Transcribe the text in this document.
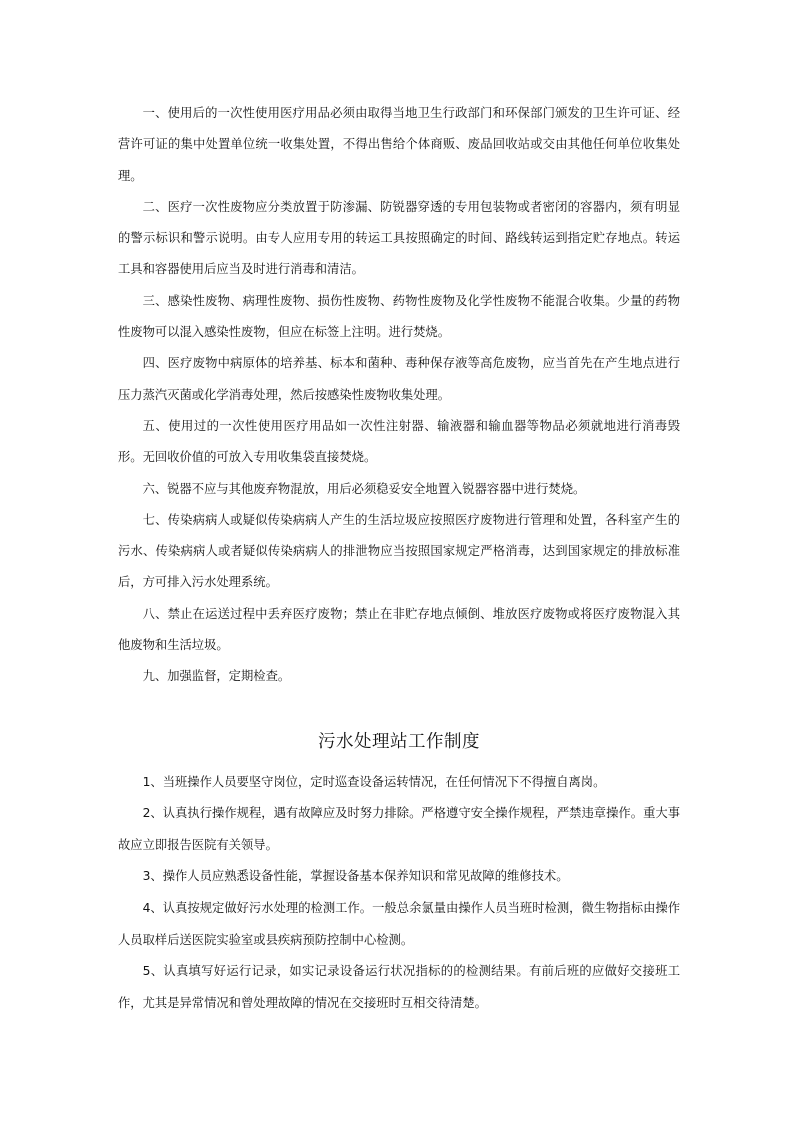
一、使用后的一次性使用医疗用品必须由取得当地卫生行政部门和环保部门颁发的卫生许可证、经营许可证的集中处置单位统一收集处置，不得出售给个体商贩、废品回收站或交由其他任何单位收集处理。

二、医疗一次性废物应分类放置于防渗漏、防锐器穿透的专用包装物或者密闭的容器内，须有明显的警示标识和警示说明。由专人应用专用的转运工具按照确定的时间、路线转运到指定贮存地点。转运工具和容器使用后应当及时进行消毒和清洁。

三、感染性废物、病理性废物、损伤性废物、药物性废物及化学性废物不能混合收集。少量的药物性废物可以混入感染性废物，但应在标签上注明。进行焚烧。

四、医疗废物中病原体的培养基、标本和菌种、毒种保存液等高危废物，应当首先在产生地点进行压力蒸汽灭菌或化学消毒处理，然后按感染性废物收集处理。

五、使用过的一次性使用医疗用品如一次性注射器、输液器和输血器等物品必须就地进行消毒毁形。无回收价值的可放入专用收集袋直接焚烧。

六、锐器不应与其他废弃物混放，用后必须稳妥安全地置入锐器容器中进行焚烧。

七、传染病病人或疑似传染病病人产生的生活垃圾应按照医疗废物进行管理和处置，各科室产生的污水、传染病病人或者疑似传染病病人的排泄物应当按照国家规定严格消毒，达到国家规定的排放标准后，方可排入污水处理系统。

八、禁止在运送过程中丢弃医疗废物；禁止在非贮存地点倾倒、堆放医疗废物或将医疗废物混入其他废物和生活垃圾。

九、加强监督，定期检查。

污水处理站工作制度

1、当班操作人员要坚守岗位，定时巡查设备运转情况，在任何情况下不得擅自离岗。

2、认真执行操作规程，遇有故障应及时努力排除。严格遵守安全操作规程，严禁违章操作。重大事故应立即报告医院有关领导。

3、操作人员应熟悉设备性能，掌握设备基本保养知识和常见故障的维修技术。

4、认真按规定做好污水处理的检测工作。一般总余氯量由操作人员当班时检测，微生物指标由操作人员取样后送医院实验室或县疾病预防控制中心检测。

5、认真填写好运行记录，如实记录设备运行状况指标的的检测结果。有前后班的应做好交接班工作，尤其是异常情况和曾处理故障的情况在交接班时互相交待清楚。
